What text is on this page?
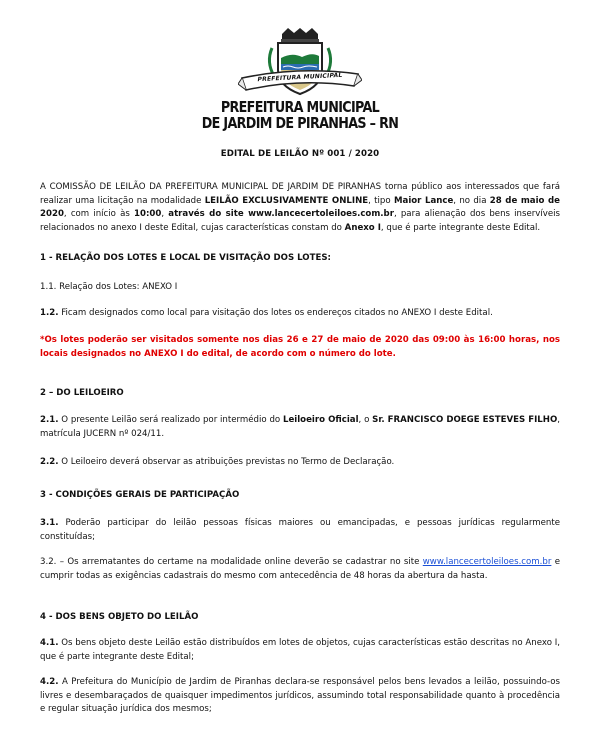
PREFEITURA MUNICIPAL
PREFEITURA MUNICIPAL
DE JARDIM DE PIRANHAS – RN
EDITAL DE LEILÃO Nº 001 / 2020

A COMISSÃO DE LEILÃO DA PREFEITURA MUNICIPAL DE JARDIM DE PIRANHAS torna público aos interessados que fará realizar uma licitação na modalidade LEILÃO EXCLUSIVAMENTE ONLINE, tipo Maior Lance, no dia 28 de maio de 2020, com início às 10:00, através do site www.lancecertoleiloes.com.br, para alienação dos bens inservíveis relacionados no anexo I deste Edital, cujas características constam do Anexo I, que é parte integrante deste Edital.

1 - RELAÇÃO DOS LOTES E LOCAL DE VISITAÇÃO DOS LOTES:

1.1. Relação dos Lotes: ANEXO I

1.2. Ficam designados como local para visitação dos lotes os endereços citados no ANEXO I deste Edital.

*Os lotes poderão ser visitados somente nos dias 26 e 27 de maio de 2020 das 09:00 às 16:00 horas, nos locais designados no ANEXO I do edital, de acordo com o número do lote.

2 – DO LEILOEIRO

2.1. O presente Leilão será realizado por intermédio do Leiloeiro Oficial, o Sr. FRANCISCO DOEGE ESTEVES FILHO, matrícula JUCERN nº 024/11.

2.2. O Leiloeiro deverá observar as atribuições previstas no Termo de Declaração.

3 - CONDIÇÕES GERAIS DE PARTICIPAÇÃO

3.1. Poderão participar do leilão pessoas físicas maiores ou emancipadas, e pessoas jurídicas regularmente constituídas;

3.2. – Os arrematantes do certame na modalidade online deverão se cadastrar no site www.lancecertoleiloes.com.br e cumprir todas as exigências cadastrais do mesmo com antecedência de 48 horas da abertura da hasta.

4 - DOS BENS OBJETO DO LEILÃO

4.1. Os bens objeto deste Leilão estão distribuídos em lotes de objetos, cujas características estão descritas no Anexo I, que é parte integrante deste Edital;

4.2. A Prefeitura do Município de Jardim de Piranhas declara-se responsável pelos bens levados a leilão, possuindo-os livres e desembaraçados de quaisquer impedimentos jurídicos, assumindo total responsabilidade quanto à procedência e regular situação jurídica dos mesmos;
